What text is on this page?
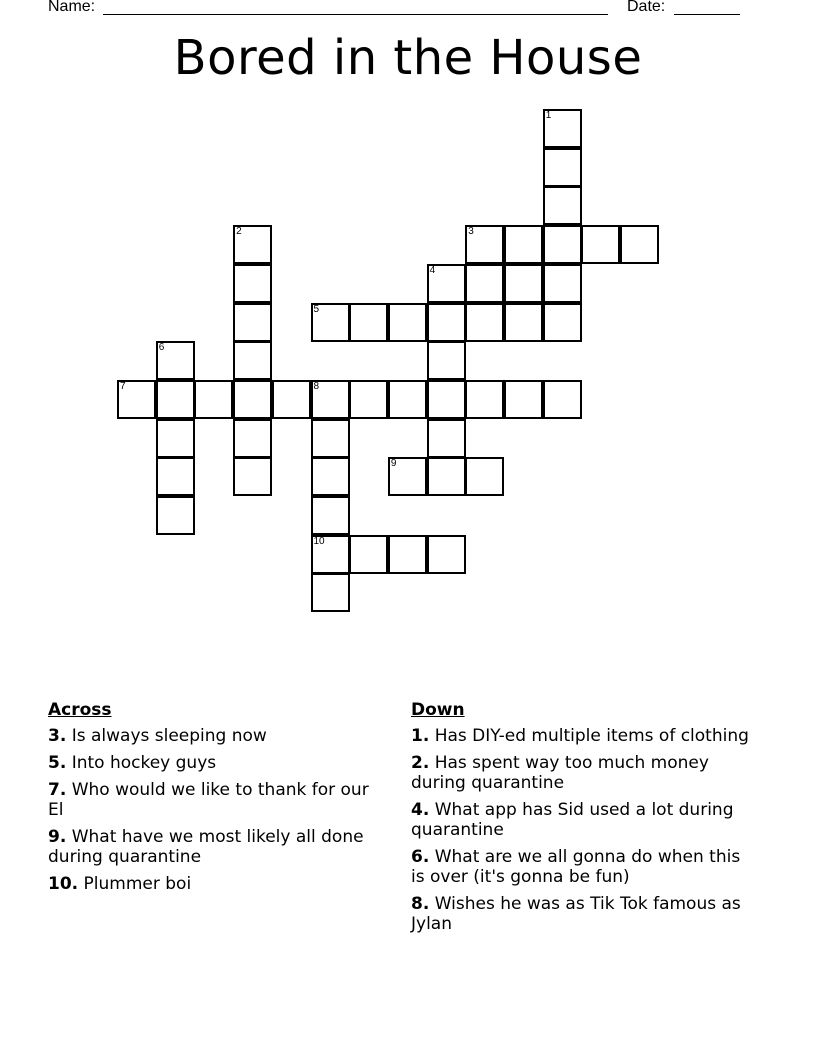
Name:	Date:
Bored in the House
1
2	3
4
5
6
7	8
9
10
Across
3. Is always sleeping now
5. Into hockey guys
7. Who would we like to thank for our El
9. What have we most likely all done during quarantine
10. Plummer boi
Down
1. Has DIY-ed multiple items of clothing
2. Has spent way too much money during quarantine
4. What app has Sid used a lot during quarantine
6. What are we all gonna do when this is over (it's gonna be fun)
8. Wishes he was as Tik Tok famous as Jylan
